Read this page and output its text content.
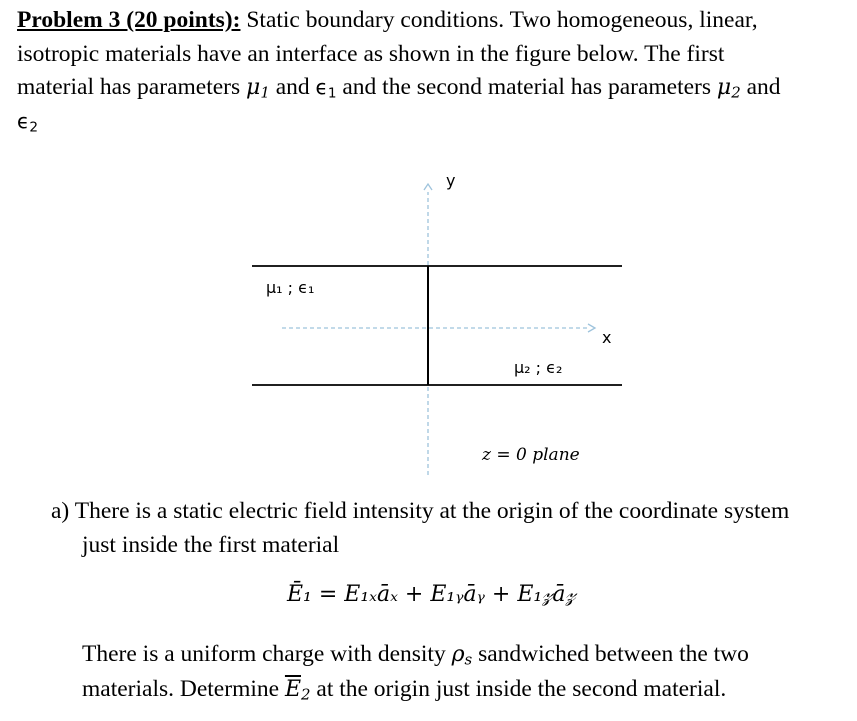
Problem 3 (20 points): Static boundary conditions. Two homogeneous, linear,
isotropic materials have an interface as shown in the figure below. The first
material has parameters $\mu_1$ and $\epsilon_1$ and the second material has parameters $\mu_2$ and
$\epsilon_2$
y
x
μ₁ ; ϵ₁
μ₂ ; ϵ₂
z = 0 plane
a) There is a static electric field intensity at the origin of the coordinate system
just inside the first material
Ē₁ = E₁ₓāₓ + E₁ᵧāᵧ + E₁𝓏ā𝓏
There is a uniform charge with density $\rho_s$ sandwiched between the two
materials. Determine $\overline{E}_2$ at the origin just inside the second material.
